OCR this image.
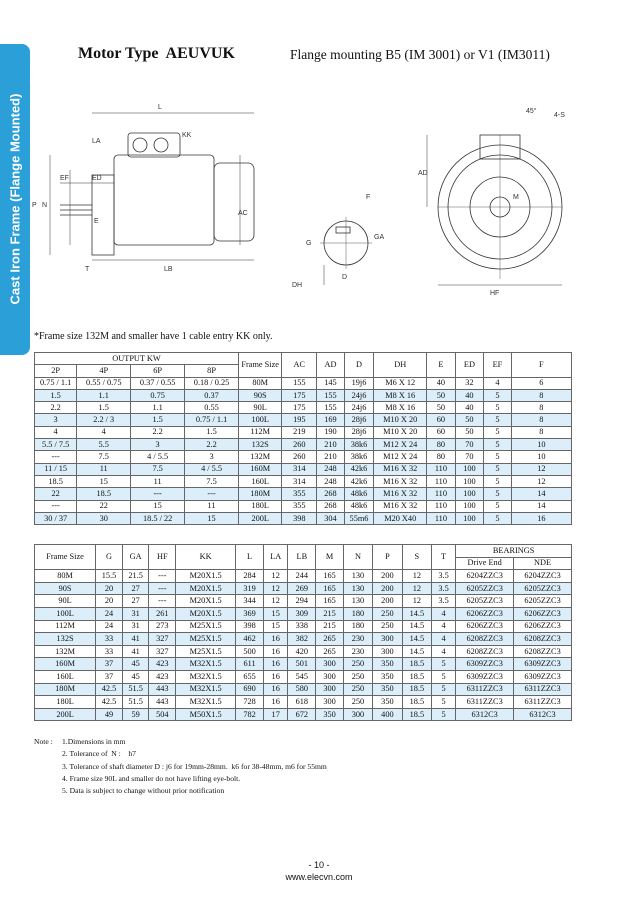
Cast Iron Frame (Flange Mounted)
Motor Type  AEUVUK	Flange mounting B5 (IM 3001) or V1 (IM3011)
L
KK
LA
EF	ED
P N
E
T	LB
AC
F
G
GA
D
DH
AD
M
4-S
45°
HF
*Frame size 132M and smaller have 1 cable entry KK only.
OUTPUT KW				Frame Size	AC	AD	D	DH	E	ED	EF	F
2P	4P	6P	8P									
0.75 / 1.1	0.55 / 0.75	0.37 / 0.55	0.18 / 0.25	80M	155	145	19j6	M6 X 12	40	32	4	6
1.5	1.1	0.75	0.37	90S	175	155	24j6	M8 X 16	50	40	5	8
2.2	1.5	1.1	0.55	90L	175	155	24j6	M8 X 16	50	40	5	8
3	2.2 / 3	1.5	0.75 / 1.1	100L	195	169	28j6	M10 X 20	60	50	5	8
4	4	2.2	1.5	112M	219	190	28j6	M10 X 20	60	50	5	8
5.5 / 7.5	5.5	3	2.2	132S	260	210	38k6	M12 X 24	80	70	5	10
---	7.5	4 / 5.5	3	132M	260	210	38k6	M12 X 24	80	70	5	10
11 / 15	11	7.5	4 / 5.5	160M	314	248	42k6	M16 X 32	110	100	5	12
18.5	15	11	7.5	160L	314	248	42k6	M16 X 32	110	100	5	12
22	18.5	---	---	180M	355	268	48k6	M16 X 32	110	100	5	14
---	22	15	11	180L	355	268	48k6	M16 X 32	110	100	5	14
30 / 37	30	18.5 / 22	15	200L	398	304	55m6	M20 X40	110	100	5	16
Frame Size	G	GA	HF	KK	L	LA	LB	M	N	P	S	T	BEARINGS	
													Drive End	NDE
80M	15.5	21.5	---	M20X1.5	284	12	244	165	130	200	12	3.5	6204ZZC3	6204ZZC3
90S	20	27	---	M20X1.5	319	12	269	165	130	200	12	3.5	6205ZZC3	6205ZZC3
90L	20	27	---	M20X1.5	344	12	294	165	130	200	12	3.5	6205ZZC3	6205ZZC3
100L	24	31	261	M20X1.5	369	15	309	215	180	250	14.5	4	6206ZZC3	6206ZZC3
112M	24	31	273	M25X1.5	398	15	338	215	180	250	14.5	4	6206ZZC3	6206ZZC3
132S	33	41	327	M25X1.5	462	16	382	265	230	300	14.5	4	6208ZZC3	6208ZZC3
132M	33	41	327	M25X1.5	500	16	420	265	230	300	14.5	4	6208ZZC3	6208ZZC3
160M	37	45	423	M32X1.5	611	16	501	300	250	350	18.5	5	6309ZZC3	6309ZZC3
160L	37	45	423	M32X1.5	655	16	545	300	250	350	18.5	5	6309ZZC3	6309ZZC3
180M	42.5	51.5	443	M32X1.5	690	16	580	300	250	350	18.5	5	6311ZZC3	6311ZZC3
180L	42.5	51.5	443	M32X1.5	728	16	618	300	250	350	18.5	5	6311ZZC3	6311ZZC3
200L	49	59	504	M50X1.5	782	17	672	350	300	400	18.5	5	6312C3	6312C3
Note : 1.Dimensions in mm
2. Tolerance of  N :    h7
3. Tolerance of shaft diameter D : j6 for 19mm-28mm.  k6 for 38-48mm, m6 for 55mm
4. Frame size 90L and smaller do not have lifting eye-bolt.
5. Data is subject to change without prior notification
- 10 -
www.elecvn.com
